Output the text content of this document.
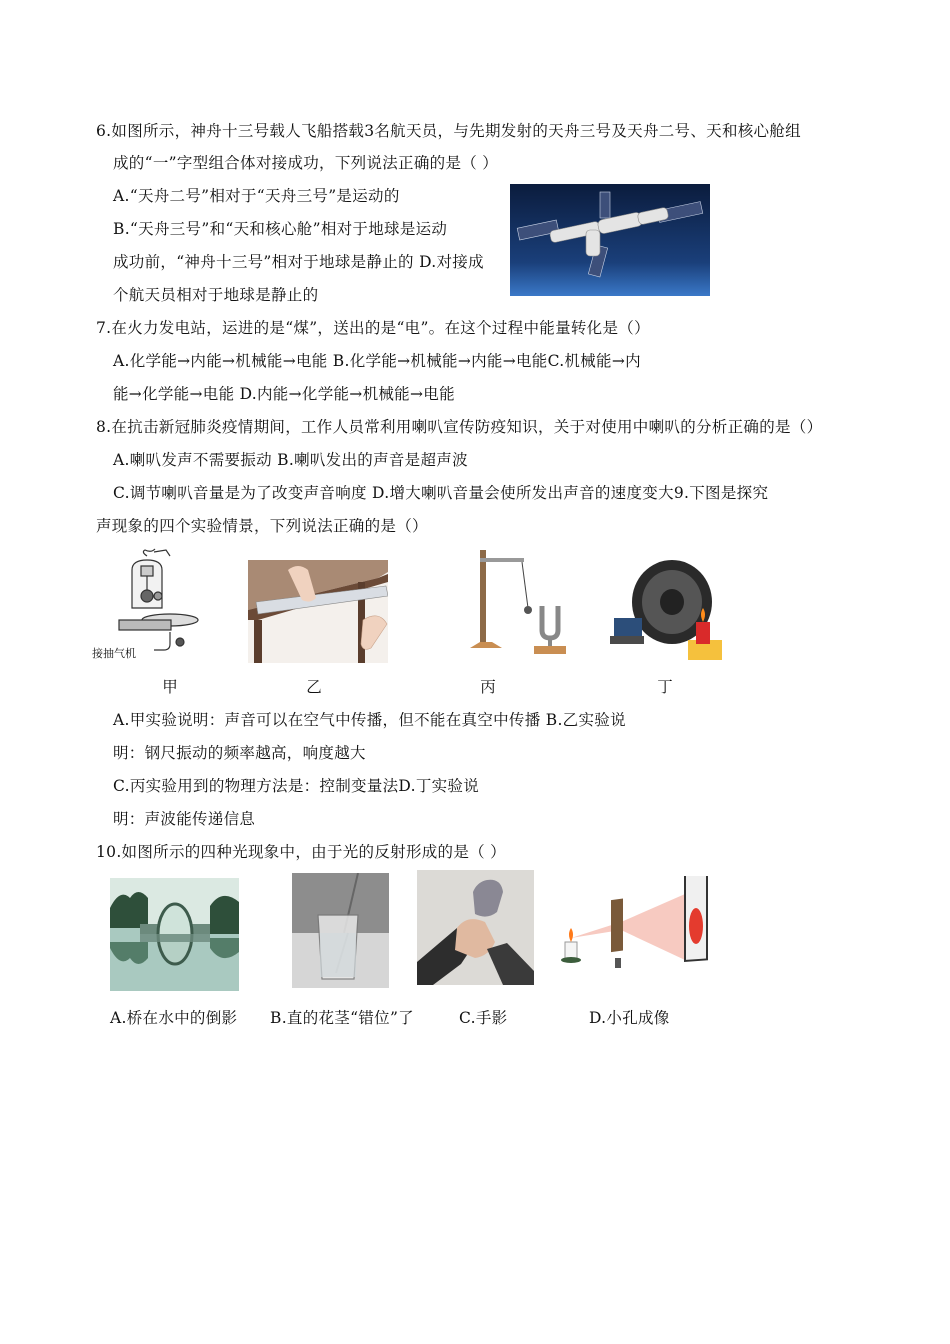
6.如图所示，神舟十三号载人飞船搭载3名航天员，与先期发射的天舟三号及天舟二号、天和核心舱组
成的“一”字型组合体对接成功，下列说法正确的是（ ）
A.“天舟二号”相对于“天舟三号”是运动的
B.“天舟三号”和“天和核心舱”相对于地球是运动
成功前，“神舟十三号”相对于地球是静止的 D.对接成
个航天员相对于地球是静止的
7.在火力发电站，运进的是“煤”，送出的是“电”。在这个过程中能量转化是（）
A.化学能→内能→机械能→电能 B.化学能→机械能→内能→电能C.机械能→内
能→化学能→电能 D.内能→化学能→机械能→电能
8.在抗击新冠肺炎疫情期间，工作人员常利用喇叭宣传防疫知识，关于对使用中喇叭的分析正确的是（）
A.喇叭发声不需要振动 B.喇叭发出的声音是超声波
C.调节喇叭音量是为了改变声音响度 D.增大喇叭音量会使所发出声音的速度变大9.下图是探究
声现象的四个实验情景，下列说法正确的是（）
接抽气机
甲	乙	丙	丁
A.甲实验说明：声音可以在空气中传播，但不能在真空中传播 B.乙实验说
明：钢尺振动的频率越高，响度越大
C.丙实验用到的物理方法是：控制变量法D.丁实验说
明：声波能传递信息
10.如图所示的四种光现象中，由于光的反射形成的是（ ）
A.桥在水中的倒影 B.直的花茎“错位”了	C.手影	D.小孔成像
